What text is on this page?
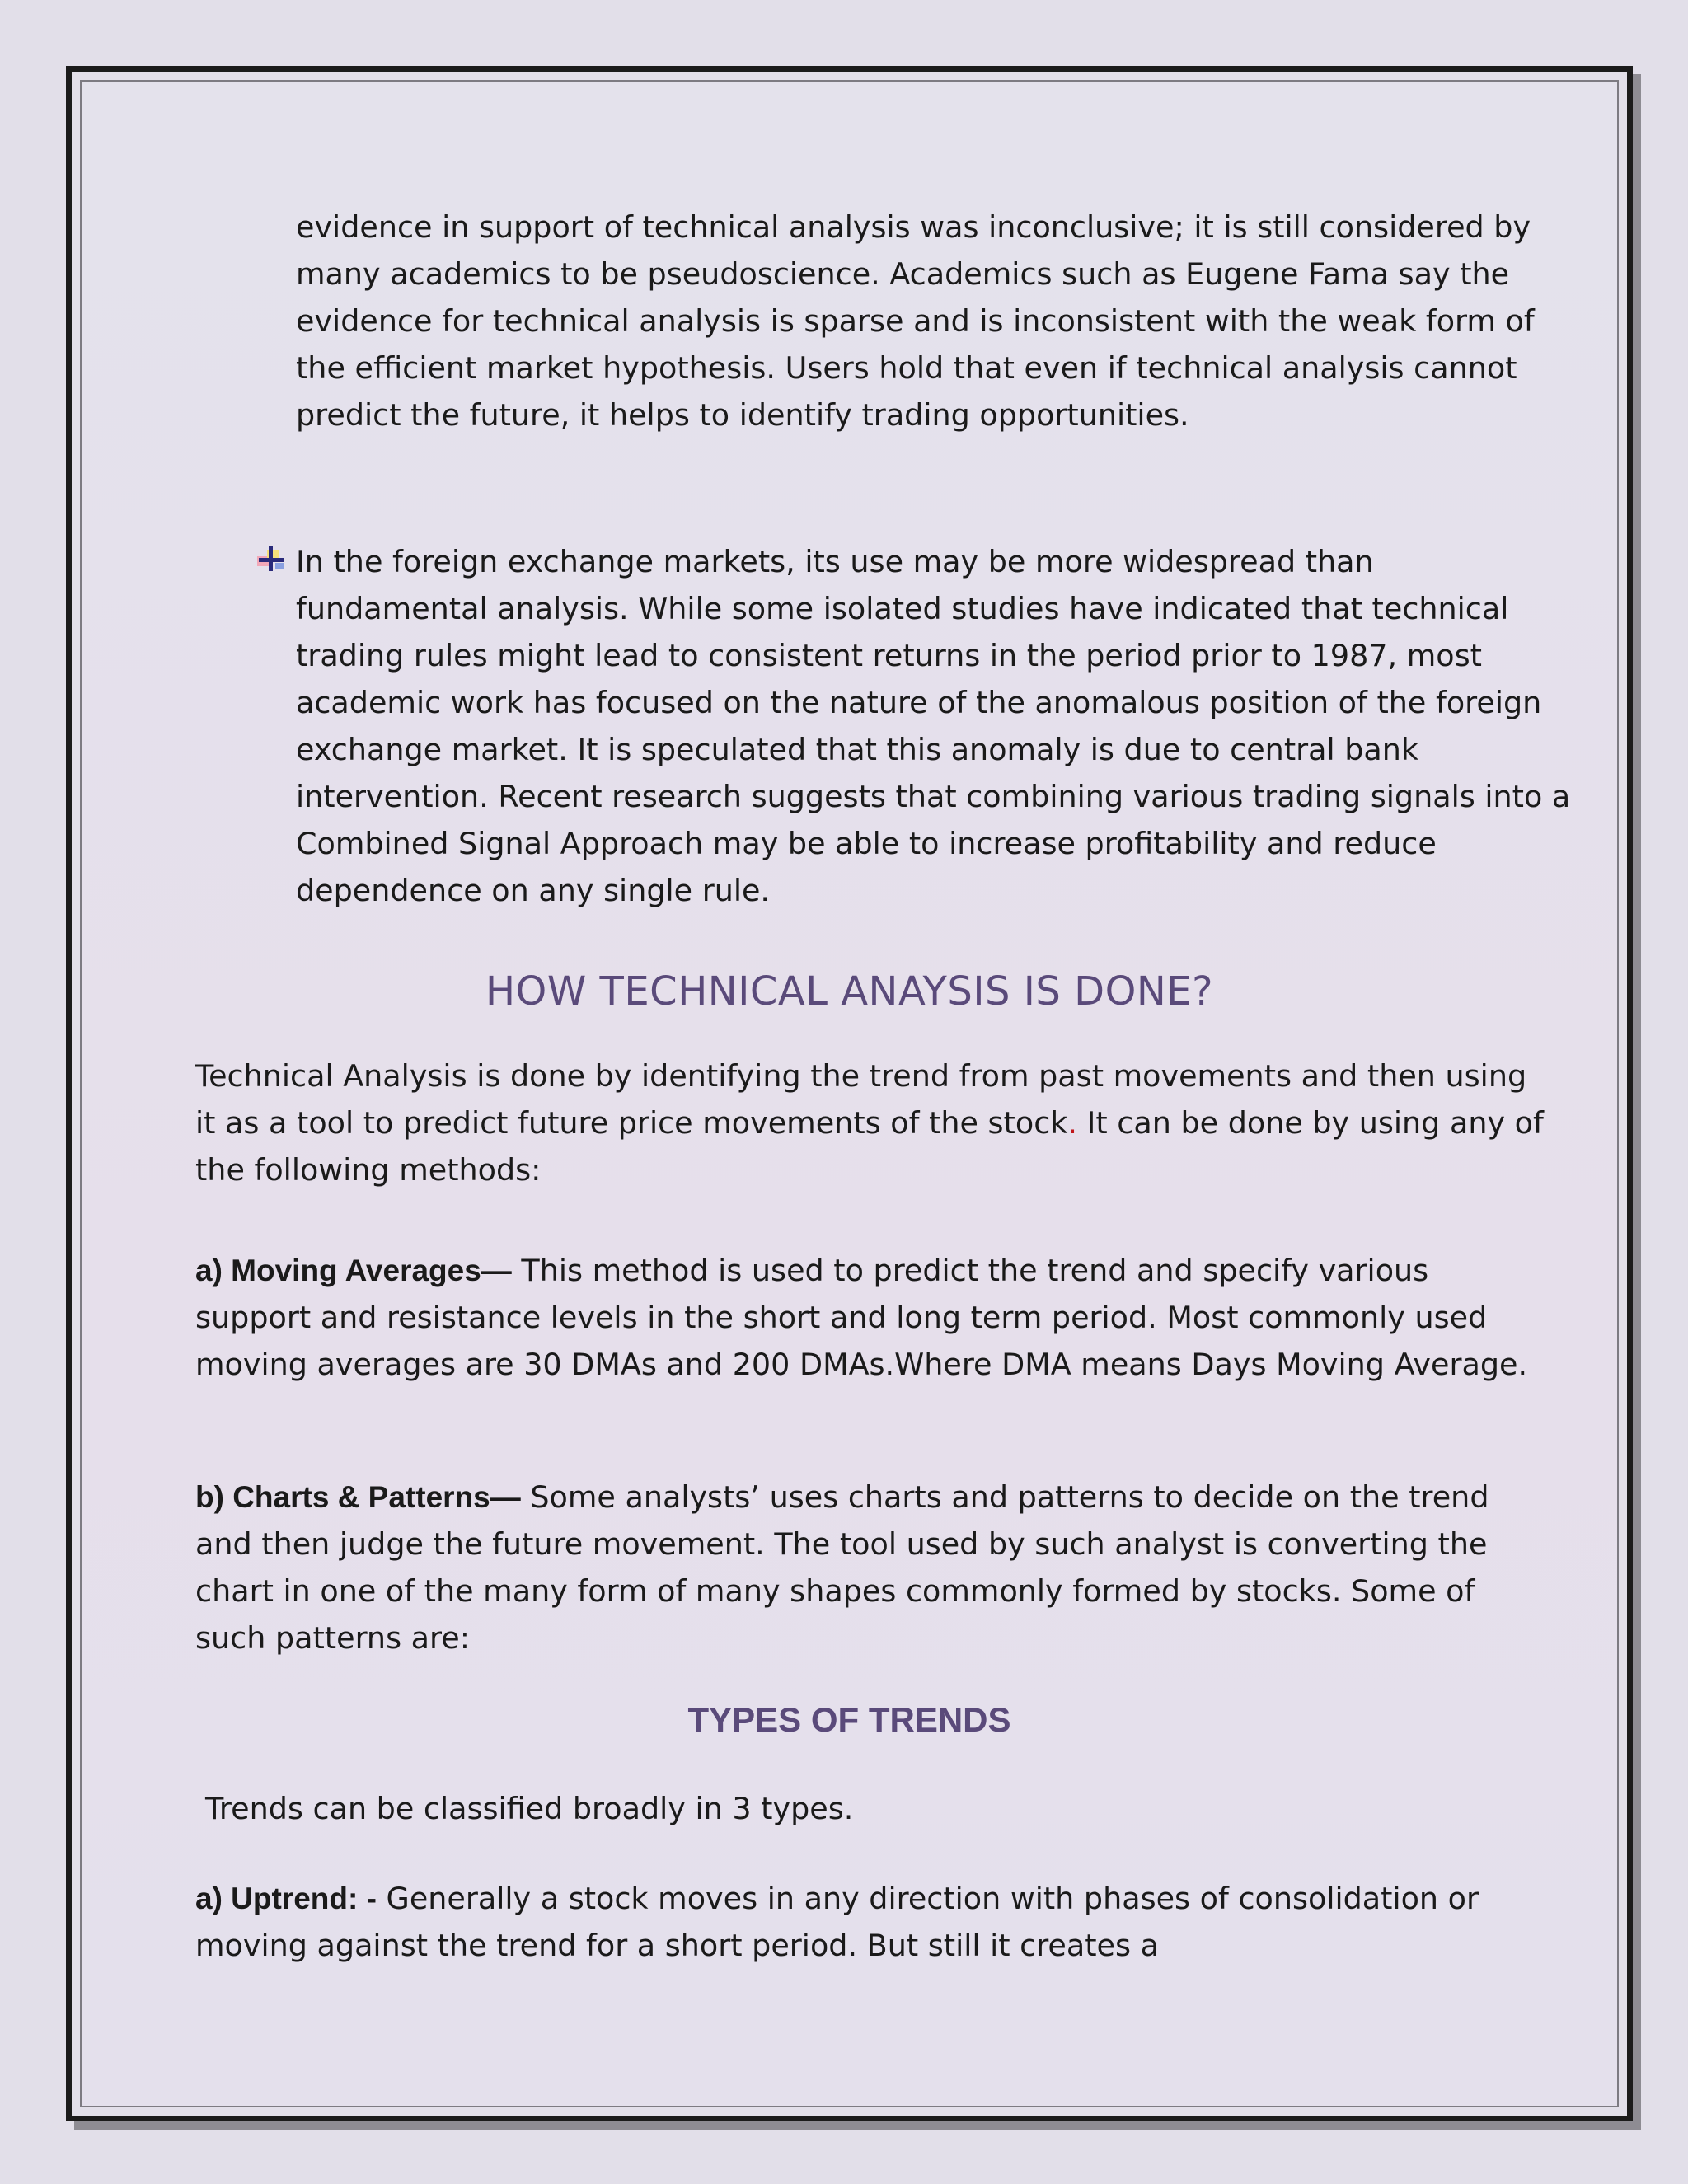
evidence in support of technical analysis was inconclusive; it is still considered by many academics to be pseudoscience. Academics such as Eugene Fama say the evidence for technical analysis is sparse and is inconsistent with the weak form of the efficient market hypothesis. Users hold that even if technical analysis cannot predict the future, it helps to identify trading opportunities.

In the foreign exchange markets, its use may be more widespread than fundamental analysis. While some isolated studies have indicated that technical trading rules might lead to consistent returns in the period prior to 1987, most academic work has focused on the nature of the anomalous position of the foreign exchange market. It is speculated that this anomaly is due to central bank intervention. Recent research suggests that combining various trading signals into a Combined Signal Approach may be able to increase profitability and reduce dependence on any single rule.

HOW TECHNICAL ANAYSIS IS DONE?

Technical Analysis is done by identifying the trend from past movements and then using it as a tool to predict future price movements of the stock. It can be done by using any of the following methods:

a) Moving Averages— This method is used to predict the trend and specify various support and resistance levels in the short and long term period. Most commonly used moving averages are 30 DMAs and 200 DMAs.Where DMA means Days Moving Average.

b) Charts & Patterns— Some analysts’ uses charts and patterns to decide on the trend and then judge the future movement. The tool used by such analyst is converting the chart in one of the many form of many shapes commonly formed by stocks. Some of such patterns are:

TYPES OF TRENDS

Trends can be classified broadly in 3 types.

a) Uptrend: - Generally a stock moves in any direction with phases of consolidation or moving against the trend for a short period. But still it creates a
